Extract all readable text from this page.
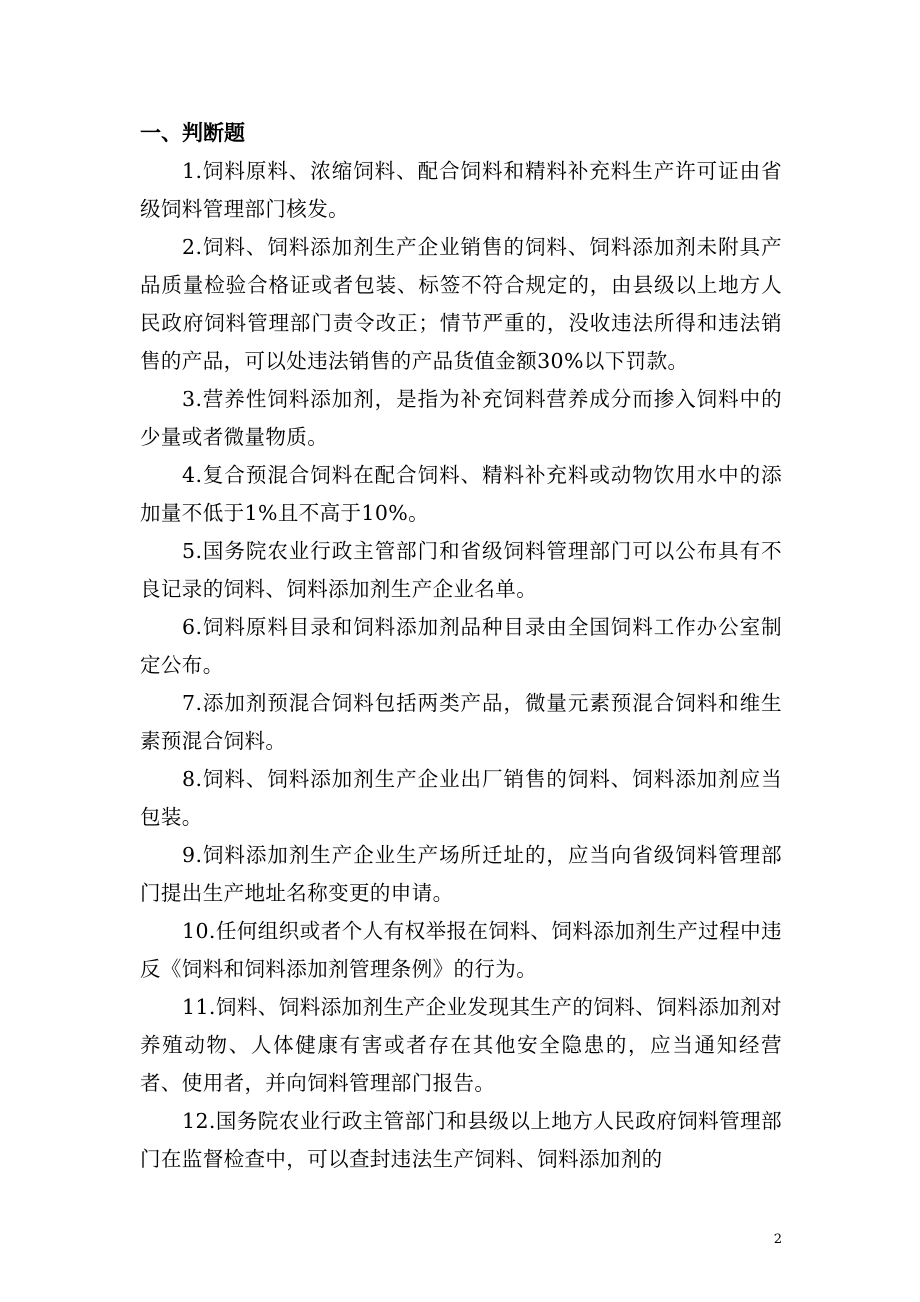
一、判断题

1.饲料原料、浓缩饲料、配合饲料和精料补充料生产许可证由省级饲料管理部门核发。

2.饲料、饲料添加剂生产企业销售的饲料、饲料添加剂未附具产品质量检验合格证或者包装、标签不符合规定的，由县级以上地方人民政府饲料管理部门责令改正；情节严重的，没收违法所得和违法销售的产品，可以处违法销售的产品货值金额30%以下罚款。

3.营养性饲料添加剂，是指为补充饲料营养成分而掺入饲料中的少量或者微量物质。

4.复合预混合饲料在配合饲料、精料补充料或动物饮用水中的添加量不低于1%且不高于10%。

5.国务院农业行政主管部门和省级饲料管理部门可以公布具有不良记录的饲料、饲料添加剂生产企业名单。

6.饲料原料目录和饲料添加剂品种目录由全国饲料工作办公室制定公布。

7.添加剂预混合饲料包括两类产品，微量元素预混合饲料和维生素预混合饲料。

8.饲料、饲料添加剂生产企业出厂销售的饲料、饲料添加剂应当包装。

9.饲料添加剂生产企业生产场所迁址的，应当向省级饲料管理部门提出生产地址名称变更的申请。

10.任何组织或者个人有权举报在饲料、饲料添加剂生产过程中违反《饲料和饲料添加剂管理条例》的行为。

11.饲料、饲料添加剂生产企业发现其生产的饲料、饲料添加剂对养殖动物、人体健康有害或者存在其他安全隐患的，应当通知经营者、使用者，并向饲料管理部门报告。

12.国务院农业行政主管部门和县级以上地方人民政府饲料管理部门在监督检查中，可以查封违法生产饲料、饲料添加剂的

2
